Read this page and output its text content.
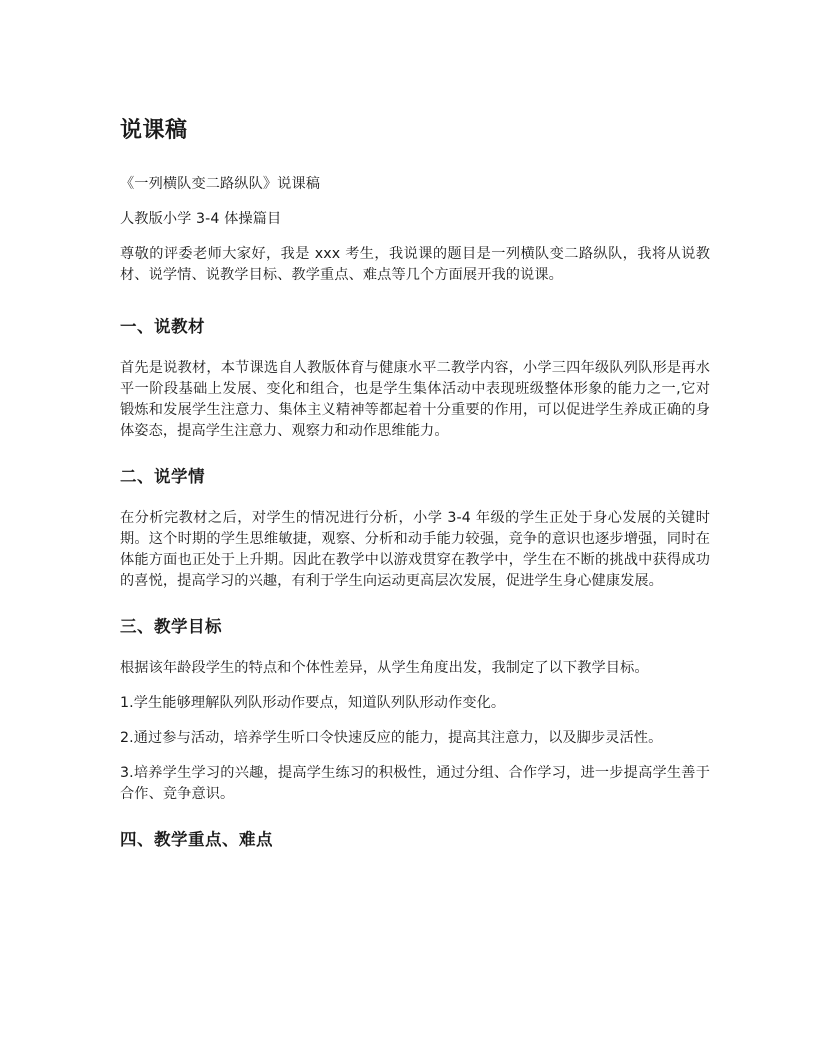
说课稿

《一列横队变二路纵队》说课稿

人教版小学 3-4 体操篇目

尊敬的评委老师大家好，我是 xxx 考生，我说课的题目是一列横队变二路纵队，我将从说教材、说学情、说教学目标、教学重点、难点等几个方面展开我的说课。

一、说教材

首先是说教材，本节课选自人教版体育与健康水平二教学内容，小学三四年级队列队形是再水平一阶段基础上发展、变化和组合，也是学生集体活动中表现班级整体形象的能力之一,它对锻炼和发展学生注意力、集体主义精神等都起着十分重要的作用，可以促进学生养成正确的身体姿态，提高学生注意力、观察力和动作思维能力。

二、说学情

在分析完教材之后，对学生的情况进行分析，小学 3-4 年级的学生正处于身心发展的关键时期。这个时期的学生思维敏捷，观察、分析和动手能力较强，竞争的意识也逐步增强，同时在体能方面也正处于上升期。因此在教学中以游戏贯穿在教学中，学生在不断的挑战中获得成功的喜悦，提高学习的兴趣，有利于学生向运动更高层次发展，促进学生身心健康发展。

三、教学目标

根据该年龄段学生的特点和个体性差异，从学生角度出发，我制定了以下教学目标。

1.学生能够理解队列队形动作要点，知道队列队形动作变化。

2.通过参与活动，培养学生听口令快速反应的能力，提高其注意力，以及脚步灵活性。

3.培养学生学习的兴趣，提高学生练习的积极性，通过分组、合作学习，进一步提高学生善于合作、竞争意识。

四、教学重点、难点
